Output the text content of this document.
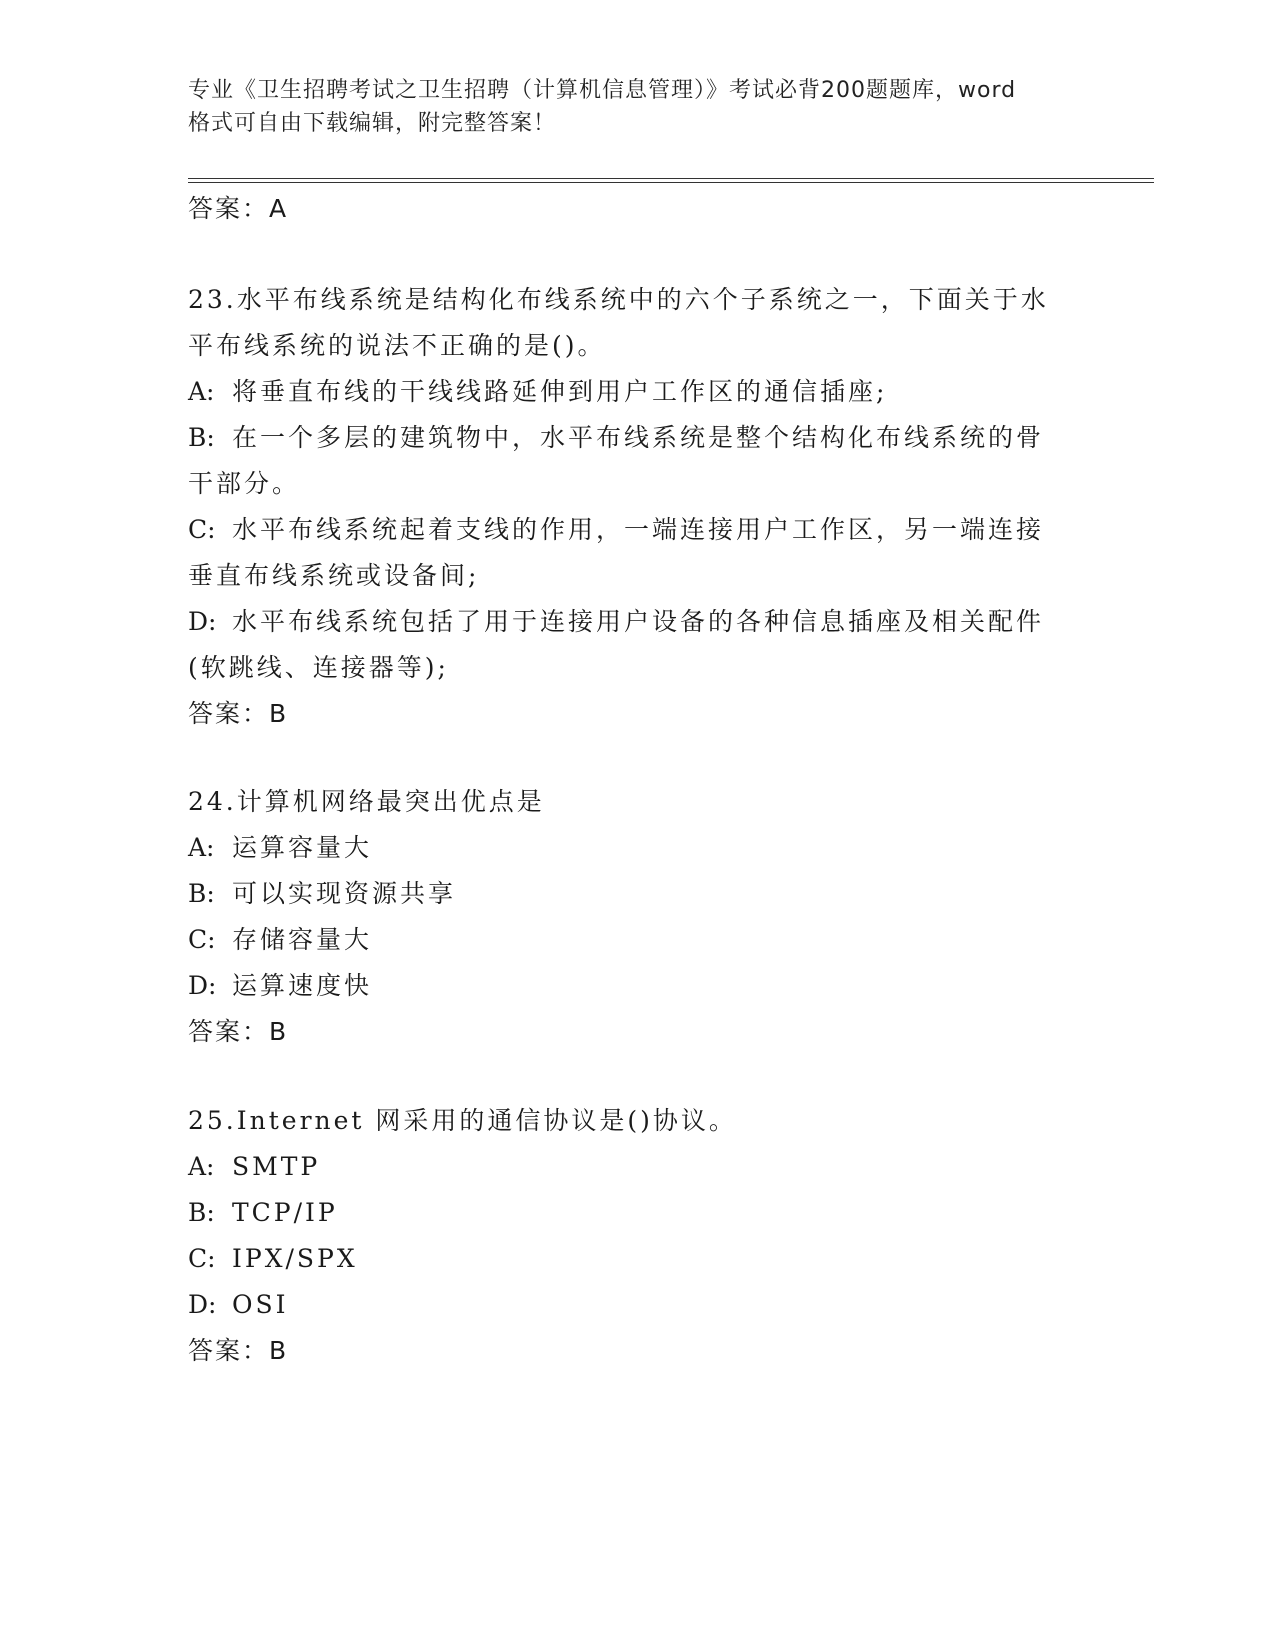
专业《卫生招聘考试之卫生招聘（计算机信息管理）》考试必背200题题库，word
格式可自由下载编辑，附完整答案！
答案：A
23.水平布线系统是结构化布线系统中的六个子系统之一，下面关于水
平布线系统的说法不正确的是()。
A: 将垂直布线的干线线路延伸到用户工作区的通信插座;
B: 在一个多层的建筑物中，水平布线系统是整个结构化布线系统的骨
干部分。
C: 水平布线系统起着支线的作用，一端连接用户工作区，另一端连接
垂直布线系统或设备间;
D: 水平布线系统包括了用于连接用户设备的各种信息插座及相关配件
(软跳线、连接器等);
答案：B
24.计算机网络最突出优点是
A: 运算容量大
B: 可以实现资源共享
C: 存储容量大
D: 运算速度快
答案：B
25.Internet 网采用的通信协议是()协议。
A: SMTP
B: TCP/IP
C: IPX/SPX
D: OSI
答案：B
